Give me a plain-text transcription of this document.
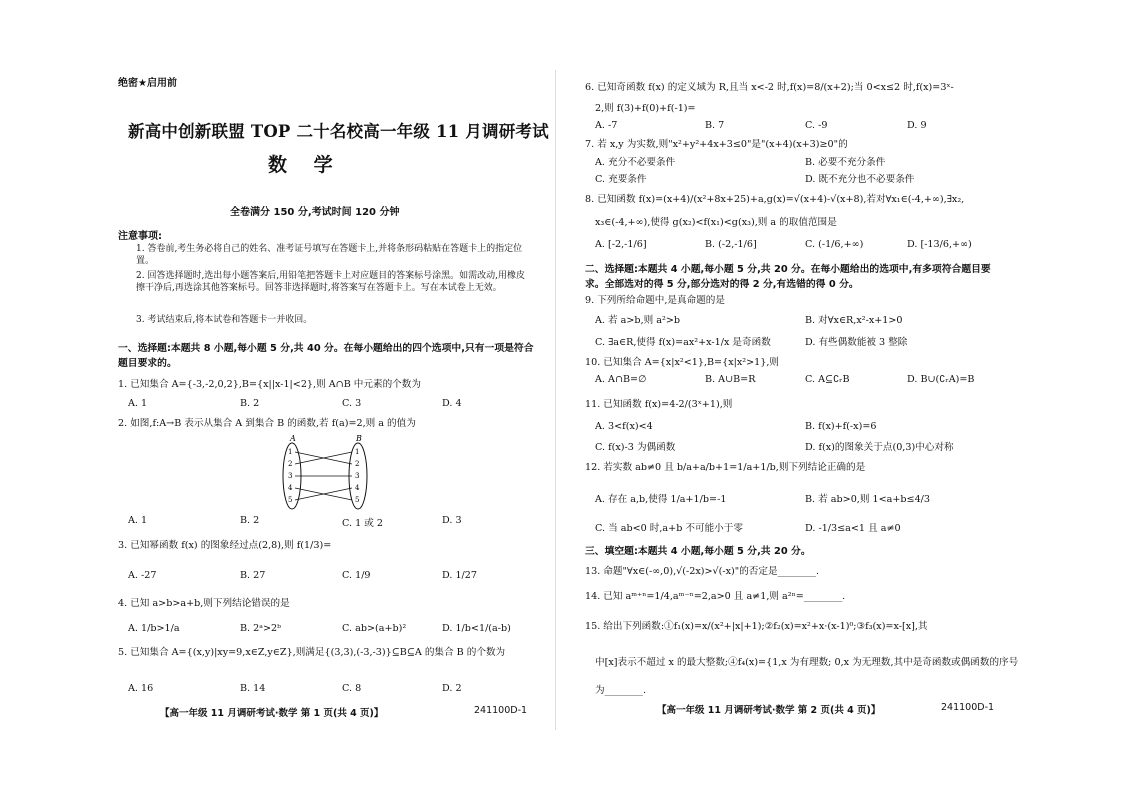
绝密★启用前
新高中创新联盟 TOP 二十名校高一年级 11 月调研考试
数 学
全卷满分 150 分,考试时间 120 分钟
注意事项:
1. 答卷前,考生务必将自己的姓名、准考证号填写在答题卡上,并将条形码粘贴在答题卡上的指定位置。
2. 回答选择题时,选出每小题答案后,用铅笔把答题卡上对应题目的答案标号涂黑。如需改动,用橡皮擦干净后,再选涂其他答案标号。回答非选择题时,将答案写在答题卡上。写在本试卷上无效。
3. 考试结束后,将本试卷和答题卡一并收回。
一、选择题:本题共 8 小题,每小题 5 分,共 40 分。在每小题给出的四个选项中,只有一项是符合题目要求的。
1. 已知集合 A={-3,-2,0,2},B={x||x-1|<2},则 A∩B 中元素的个数为
A. 1	B. 2	C. 3	D. 4
2. 如图,f:A→B 表示从集合 A 到集合 B 的函数,若 f(a)=2,则 a 的值为
A	B
1
2
3
4
5
1
2
3
4
5
A. 1	B. 2	C. 1 或 2	D. 3
3. 已知幂函数 f(x) 的图象经过点(2,8),则 f(1/3)=
A. -27	B. 27	C. 1/9	D. 1/27
4. 已知 a>b>a+b,则下列结论错误的是
A. 1/b>1/a	B. 2ᵃ>2ᵇ	C. ab>(a+b)²	D. 1/b<1/(a-b)
5. 已知集合 A={(x,y)|xy=9,x∈Z,y∈Z},则满足{(3,3),(-3,-3)}⊆B⊆A 的集合 B 的个数为
A. 16	B. 14	C. 8	D. 2
【高一年级 11 月调研考试·数学 第 1 页(共 4 页)】	241100D-1
6. 已知奇函数 f(x) 的定义域为 R,且当 x<-2 时,f(x)=8/(x+2);当 0<x≤2 时,f(x)=3ˣ-
2,则 f(3)+f(0)+f(-1)=
A. -7	B. 7	C. -9	D. 9
7. 若 x,y 为实数,则"x²+y²+4x+3≤0"是"(x+4)(x+3)≥0"的
A. 充分不必要条件	B. 必要不充分条件
C. 充要条件	D. 既不充分也不必要条件
8. 已知函数 f(x)=(x+4)/(x²+8x+25)+a,g(x)=√(x+4)-√(x+8),若对∀x₁∈(-4,+∞),∃x₂,
x₃∈(-4,+∞),使得 g(x₂)<f(x₁)<g(x₃),则 a 的取值范围是
A. [-2,-1/6]	B. (-2,-1/6]	C. (-1/6,+∞)	D. [-13/6,+∞)
二、选择题:本题共 4 小题,每小题 5 分,共 20 分。在每小题给出的选项中,有多项符合题目要求。全部选对的得 5 分,部分选对的得 2 分,有选错的得 0 分。
9. 下列所给命题中,是真命题的是
A. 若 a>b,则 a²>b	B. 对∀x∈R,x²-x+1>0
C. ∃a∈R,使得 f(x)=ax²+x-1/x 是奇函数	D. 有些偶数能被 3 整除
10. 已知集合 A={x|x²<1},B={x|x²>1},则
A. A∩B=∅	B. A∪B=R	C. A⊆∁ᵣB	D. B∪(∁ᵣA)=B
11. 已知函数 f(x)=4-2/(3ˣ+1),则
A. 3<f(x)<4	B. f(x)+f(-x)=6
C. f(x)-3 为偶函数	D. f(x)的图象关于点(0,3)中心对称
12. 若实数 ab≠0 且 b/a+a/b+1=1/a+1/b,则下列结论正确的是
A. 存在 a,b,使得 1/a+1/b=-1	B. 若 ab>0,则 1<a+b≤4/3
C. 当 ab<0 时,a+b 不可能小于零	D. -1/3≤a<1 且 a≠0
三、填空题:本题共 4 小题,每小题 5 分,共 20 分。
13. 命题"∀x∈(-∞,0),√(-2x)>√(-x)"的否定是________.
14. 已知 aᵐ⁺ⁿ=1/4,aᵐ⁻ⁿ=2,a>0 且 a≠1,则 a²ⁿ=________.
15. 给出下列函数:①f₁(x)=x/(x²+|x|+1);②f₂(x)=x²+x·(x-1)⁰;③f₃(x)=x-[x],其
中[x]表示不超过 x 的最大整数;④f₄(x)={1,x 为有理数; 0,x 为无理数,其中是奇函数或偶函数的序号
为________.
【高一年级 11 月调研考试·数学 第 2 页(共 4 页)】	241100D-1
